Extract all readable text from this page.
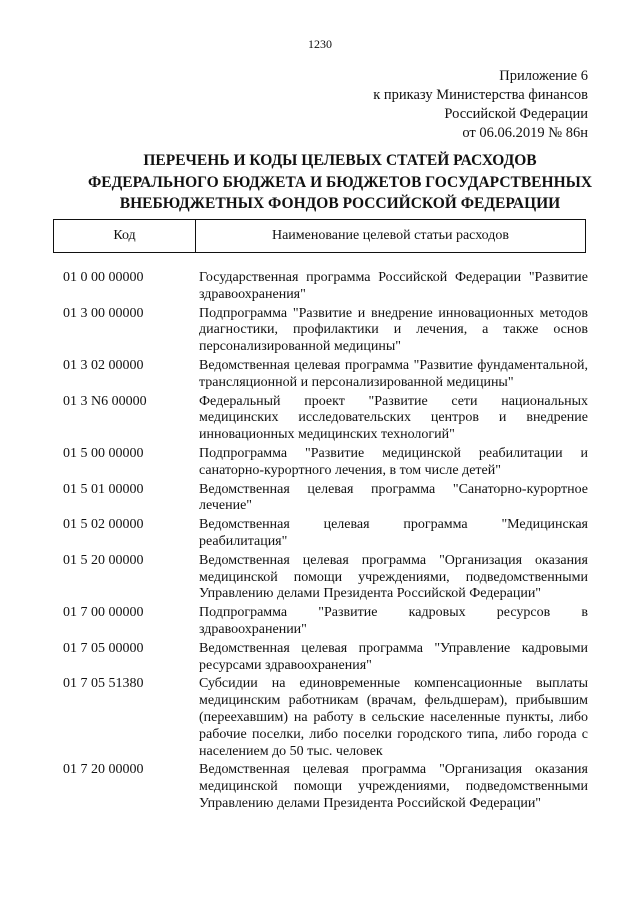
1230
Приложение 6
к приказу Министерства финансов
Российской Федерации
от 06.06.2019 № 86н
ПЕРЕЧЕНЬ И КОДЫ ЦЕЛЕВЫХ СТАТЕЙ РАСХОДОВ
ФЕДЕРАЛЬНОГО БЮДЖЕТА И БЮДЖЕТОВ ГОСУДАРСТВЕННЫХ
ВНЕБЮДЖЕТНЫХ ФОНДОВ РОССИЙСКОЙ ФЕДЕРАЦИИ
Код	Наименование целевой статьи расходов
01 0 00 00000	Государственная программа Российской Федерации "Развитие здравоохранения"
01 3 00 00000	Подпрограмма "Развитие и внедрение инновационных методов диагностики, профилактики и лечения, а также основ персонализированной медицины"
01 3 02 00000	Ведомственная целевая программа "Развитие фундаментальной, трансляционной и персонализированной медицины"
01 3 N6 00000	Федеральный проект "Развитие сети национальных медицинских исследовательских центров и внедрение инновационных медицинских технологий"
01 5 00 00000	Подпрограмма "Развитие медицинской реабилитации и санаторно-курортного лечения, в том числе детей"
01 5 01 00000	Ведомственная целевая программа "Санаторно-курортное лечение"
01 5 02 00000	Ведомственная целевая программа "Медицинская реабилитация"
01 5 20 00000	Ведомственная целевая программа "Организация оказания медицинской помощи учреждениями, подведомственными Управлению делами Президента Российской Федерации"
01 7 00 00000	Подпрограмма "Развитие кадровых ресурсов в здравоохранении"
01 7 05 00000	Ведомственная целевая программа "Управление кадровыми ресурсами здравоохранения"
01 7 05 51380	Субсидии на единовременные компенсационные выплаты медицинским работникам (врачам, фельдшерам), прибывшим (переехавшим) на работу в сельские населенные пункты, либо рабочие поселки, либо поселки городского типа, либо города с населением до 50 тыс. человек
01 7 20 00000	Ведомственная целевая программа "Организация оказания медицинской помощи учреждениями, подведомственными Управлению делами Президента Российской Федерации"
